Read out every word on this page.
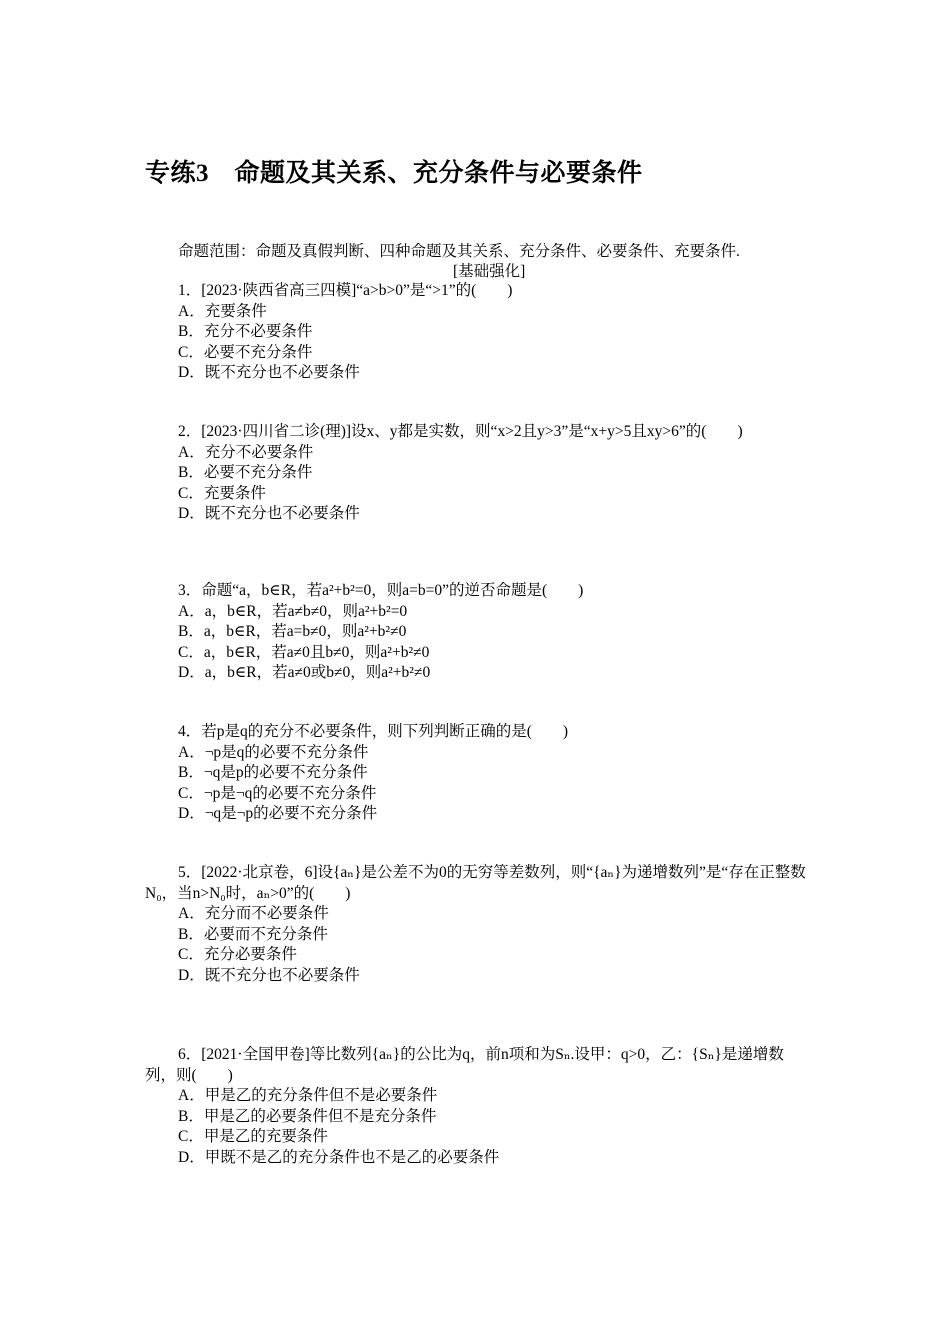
专练3　命题及其关系、充分条件与必要条件
命题范围：命题及真假判断、四种命题及其关系、充分条件、必要条件、充要条件.
[基础强化]
1．[2023·陕西省高三四模]“a>b>0”是“>1”的(　　)
A．充要条件
B．充分不必要条件
C．必要不充分条件
D．既不充分也不必要条件
2．[2023·四川省二诊(理)]设x、y都是实数，则“x>2且y>3”是“x+y>5且xy>6”的(　　)
A．充分不必要条件
B．必要不充分条件
C．充要条件
D．既不充分也不必要条件
3．命题“a，b∈R，若a²+b²=0，则a=b=0”的逆否命题是(　　)
A．a，b∈R，若a≠b≠0，则a²+b²=0
B．a，b∈R，若a=b≠0，则a²+b²≠0
C．a，b∈R，若a≠0且b≠0，则a²+b²≠0
D．a，b∈R，若a≠0或b≠0，则a²+b²≠0
4．若p是q的充分不必要条件，则下列判断正确的是(　　)
A．¬p是q的必要不充分条件
B．¬q是p的必要不充分条件
C．¬p是¬q的必要不充分条件
D．¬q是¬p的必要不充分条件
5．[2022·北京卷，6]设{aₙ}是公差不为0的无穷等差数列，则“{aₙ}为递增数列”是“存在正整数N₀，当n>N₀时，aₙ>0”的(　　)
A．充分而不必要条件
B．必要而不充分条件
C．充分必要条件
D．既不充分也不必要条件
6．[2021·全国甲卷]等比数列{aₙ}的公比为q，前n项和为Sₙ.设甲：q>0，乙：{Sₙ}是递增数列，则(　　)
A．甲是乙的充分条件但不是必要条件
B．甲是乙的必要条件但不是充分条件
C．甲是乙的充要条件
D．甲既不是乙的充分条件也不是乙的必要条件
